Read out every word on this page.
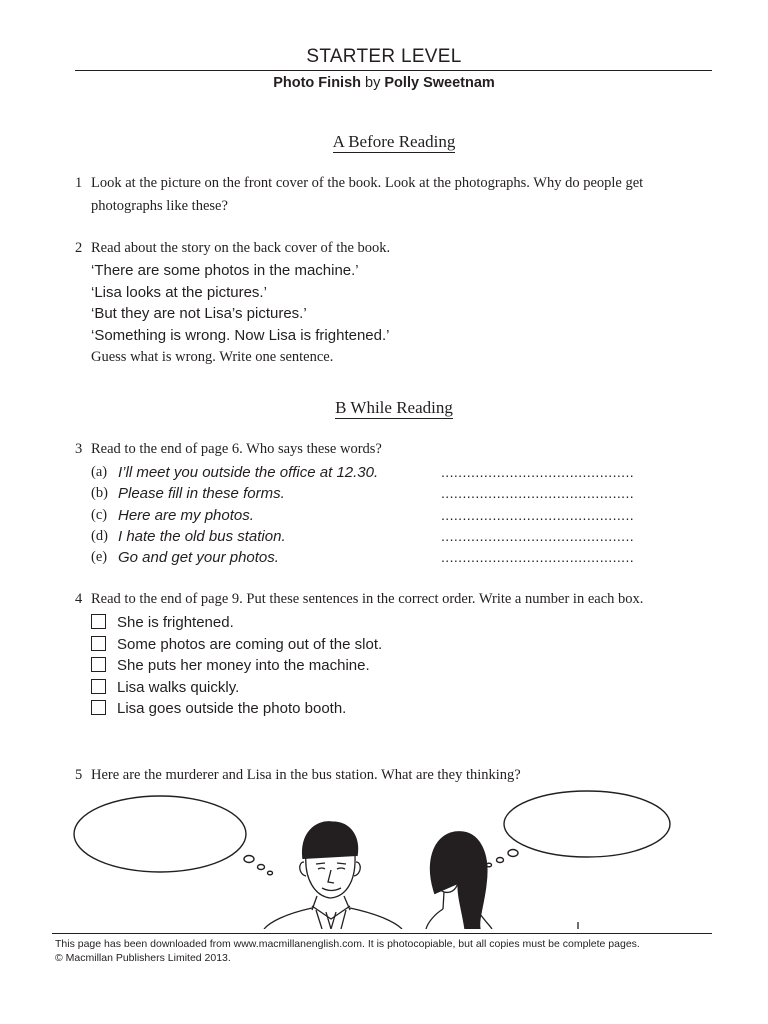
STARTER LEVEL
Photo Finish by Polly Sweetnam
A Before Reading
1 Look at the picture on the front cover of the book. Look at the photographs. Why do people get photographs like these?
2 Read about the story on the back cover of the book.
‘There are some photos in the machine.’
‘Lisa looks at the pictures.’
‘But they are not Lisa’s pictures.’
‘Something is wrong. Now Lisa is frightened.’
Guess what is wrong. Write one sentence.
B While Reading
3 Read to the end of page 6. Who says these words?
(a) I’ll meet you outside the office at 12.30.	.............................................
(b) Please fill in these forms.	.............................................
(c) Here are my photos.	.............................................
(d) I hate the old bus station.	.............................................
(e) Go and get your photos.	.............................................
4 Read to the end of page 9. Put these sentences in the correct order. Write a number in each box.
She is frightened.
Some photos are coming out of the slot.
She puts her money into the machine.
Lisa walks quickly.
Lisa goes outside the photo booth.
5 Here are the murderer and Lisa in the bus station. What are they thinking?
This page has been downloaded from www.macmillanenglish.com. It is photocopiable, but all copies must be complete pages.
© Macmillan Publishers Limited 2013.
